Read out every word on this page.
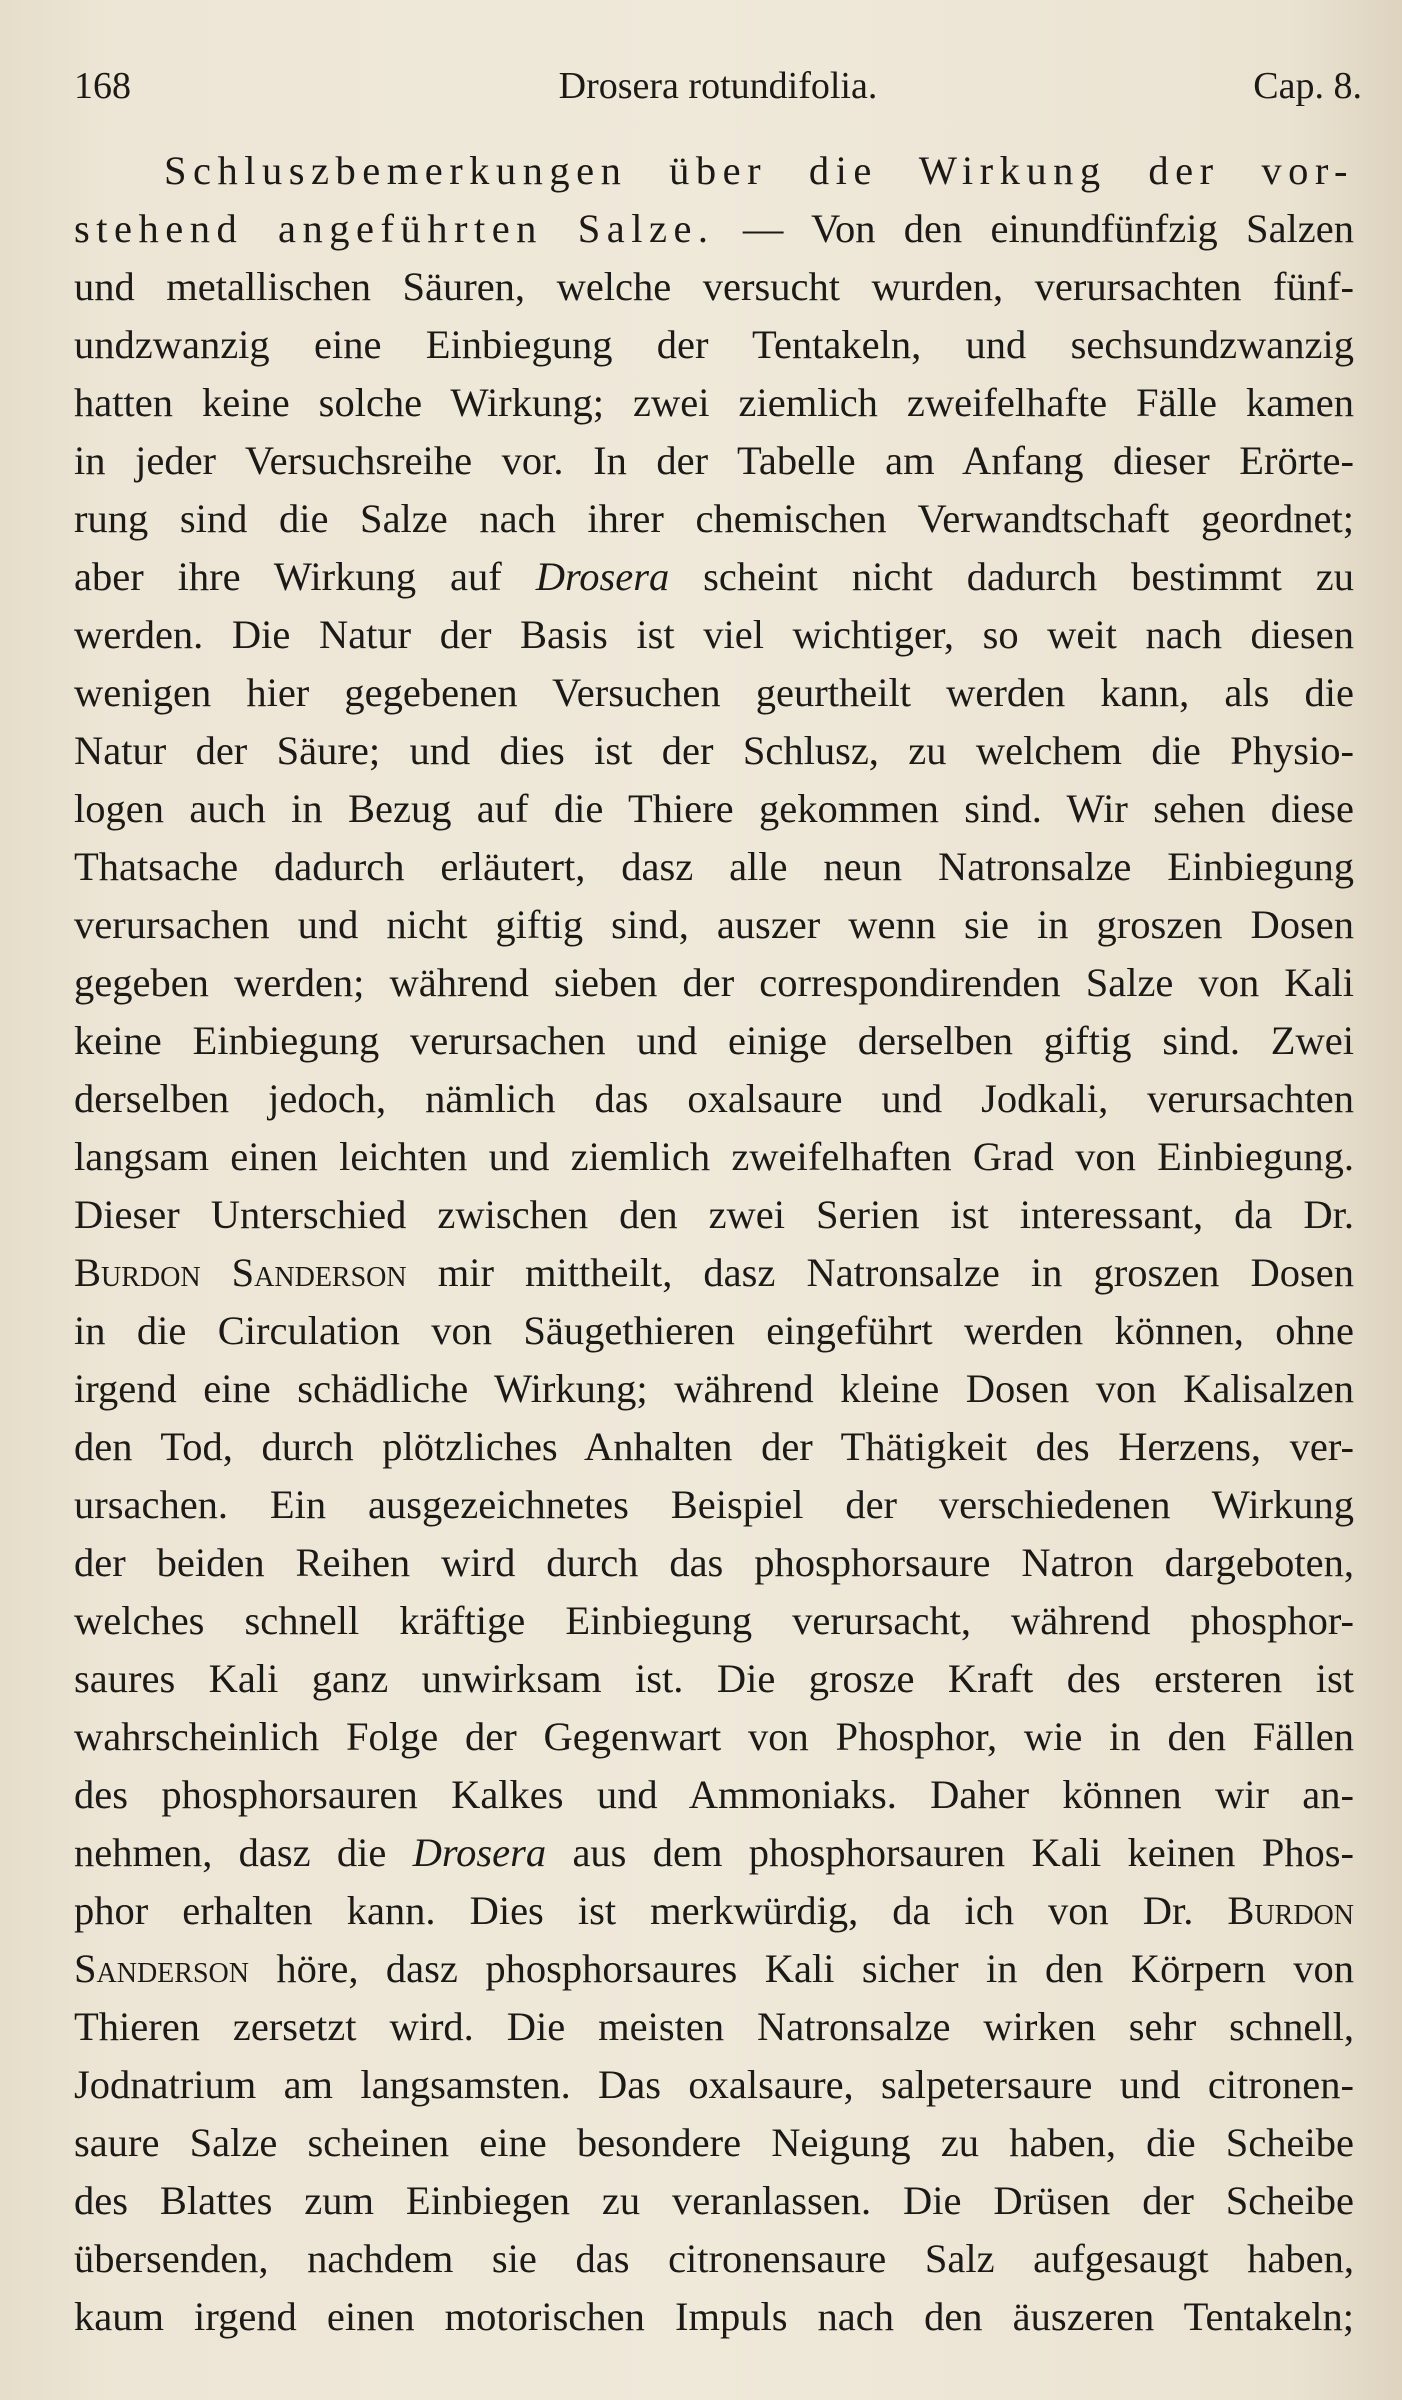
168	Drosera rotundifolia.	Cap. 8.
Schluszbemerkungen über die Wirkung der vor-
stehend angeführten Salze. — Von den einundfünfzig Salzen
und metallischen Säuren, welche versucht wurden, verursachten fünf-
undzwanzig eine Einbiegung der Tentakeln, und sechsundzwanzig
hatten keine solche Wirkung; zwei ziemlich zweifelhafte Fälle kamen
in jeder Versuchsreihe vor. In der Tabelle am Anfang dieser Erörte-
rung sind die Salze nach ihrer chemischen Verwandtschaft geordnet;
aber ihre Wirkung auf Drosera scheint nicht dadurch bestimmt zu
werden. Die Natur der Basis ist viel wichtiger, so weit nach diesen
wenigen hier gegebenen Versuchen geurtheilt werden kann, als die
Natur der Säure; und dies ist der Schlusz, zu welchem die Physio-
logen auch in Bezug auf die Thiere gekommen sind. Wir sehen diese
Thatsache dadurch erläutert, dasz alle neun Natronsalze Einbiegung
verursachen und nicht giftig sind, auszer wenn sie in groszen Dosen
gegeben werden; während sieben der correspondirenden Salze von Kali
keine Einbiegung verursachen und einige derselben giftig sind. Zwei
derselben jedoch, nämlich das oxalsaure und Jodkali, verursachten
langsam einen leichten und ziemlich zweifelhaften Grad von Einbiegung.
Dieser Unterschied zwischen den zwei Serien ist interessant, da Dr.
Burdon Sanderson mir mittheilt, dasz Natronsalze in groszen Dosen
in die Circulation von Säugethieren eingeführt werden können, ohne
irgend eine schädliche Wirkung; während kleine Dosen von Kalisalzen
den Tod, durch plötzliches Anhalten der Thätigkeit des Herzens, ver-
ursachen. Ein ausgezeichnetes Beispiel der verschiedenen Wirkung
der beiden Reihen wird durch das phosphorsaure Natron dargeboten,
welches schnell kräftige Einbiegung verursacht, während phosphor-
saures Kali ganz unwirksam ist. Die grosze Kraft des ersteren ist
wahrscheinlich Folge der Gegenwart von Phosphor, wie in den Fällen
des phosphorsauren Kalkes und Ammoniaks. Daher können wir an-
nehmen, dasz die Drosera aus dem phosphorsauren Kali keinen Phos-
phor erhalten kann. Dies ist merkwürdig, da ich von Dr. Burdon
Sanderson höre, dasz phosphorsaures Kali sicher in den Körpern von
Thieren zersetzt wird. Die meisten Natronsalze wirken sehr schnell,
Jodnatrium am langsamsten. Das oxalsaure, salpetersaure und citronen-
saure Salze scheinen eine besondere Neigung zu haben, die Scheibe
des Blattes zum Einbiegen zu veranlassen. Die Drüsen der Scheibe
übersenden, nachdem sie das citronensaure Salz aufgesaugt haben,
kaum irgend einen motorischen Impuls nach den äuszeren Tentakeln;
